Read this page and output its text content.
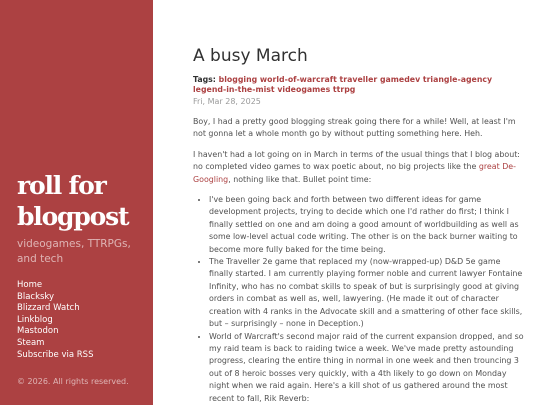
roll for
blogpost
videogames, TTRPGs, and tech
Home
Blacksky
Blizzard Watch
Linkblog
Mastodon
Steam
Subscribe via RSS
© 2026. All rights reserved.
A busy March
Tags: blogging world-of-warcraft traveller gamedev triangle-agency legend-in-the-mist videogames ttrpg
Fri, Mar 28, 2025

Boy, I had a pretty good blogging streak going there for a while! Well, at least I'm not gonna let a whole month go by without putting something here. Heh.

I haven't had a lot going on in March in terms of the usual things that I blog about: no completed video games to wax poetic about, no big projects like the great De-Googling, nothing like that. Bullet point time:

• I've been going back and forth between two different ideas for game development projects, trying to decide which one I'd rather do first; I think I finally settled on one and am doing a good amount of worldbuilding as well as some low-level actual code writing. The other is on the back burner waiting to become more fully baked for the time being.
• The Traveller 2e game that replaced my (now-wrapped-up) D&D 5e game finally started. I am currently playing former noble and current lawyer Fontaine Infinity, who has no combat skills to speak of but is surprisingly good at giving orders in combat as well as, well, lawyering. (He made it out of character creation with 4 ranks in the Advocate skill and a smattering of other face skills, but – surprisingly – none in Deception.)
• World of Warcraft's second major raid of the current expansion dropped, and so my raid team is back to raiding twice a week. We've made pretty astounding progress, clearing the entire thing in normal in one week and then trouncing 3 out of 8 heroic bosses very quickly, with a 4th likely to go down on Monday night when we raid again. Here's a kill shot of us gathered around the most recent to fall, Rik Reverb:
